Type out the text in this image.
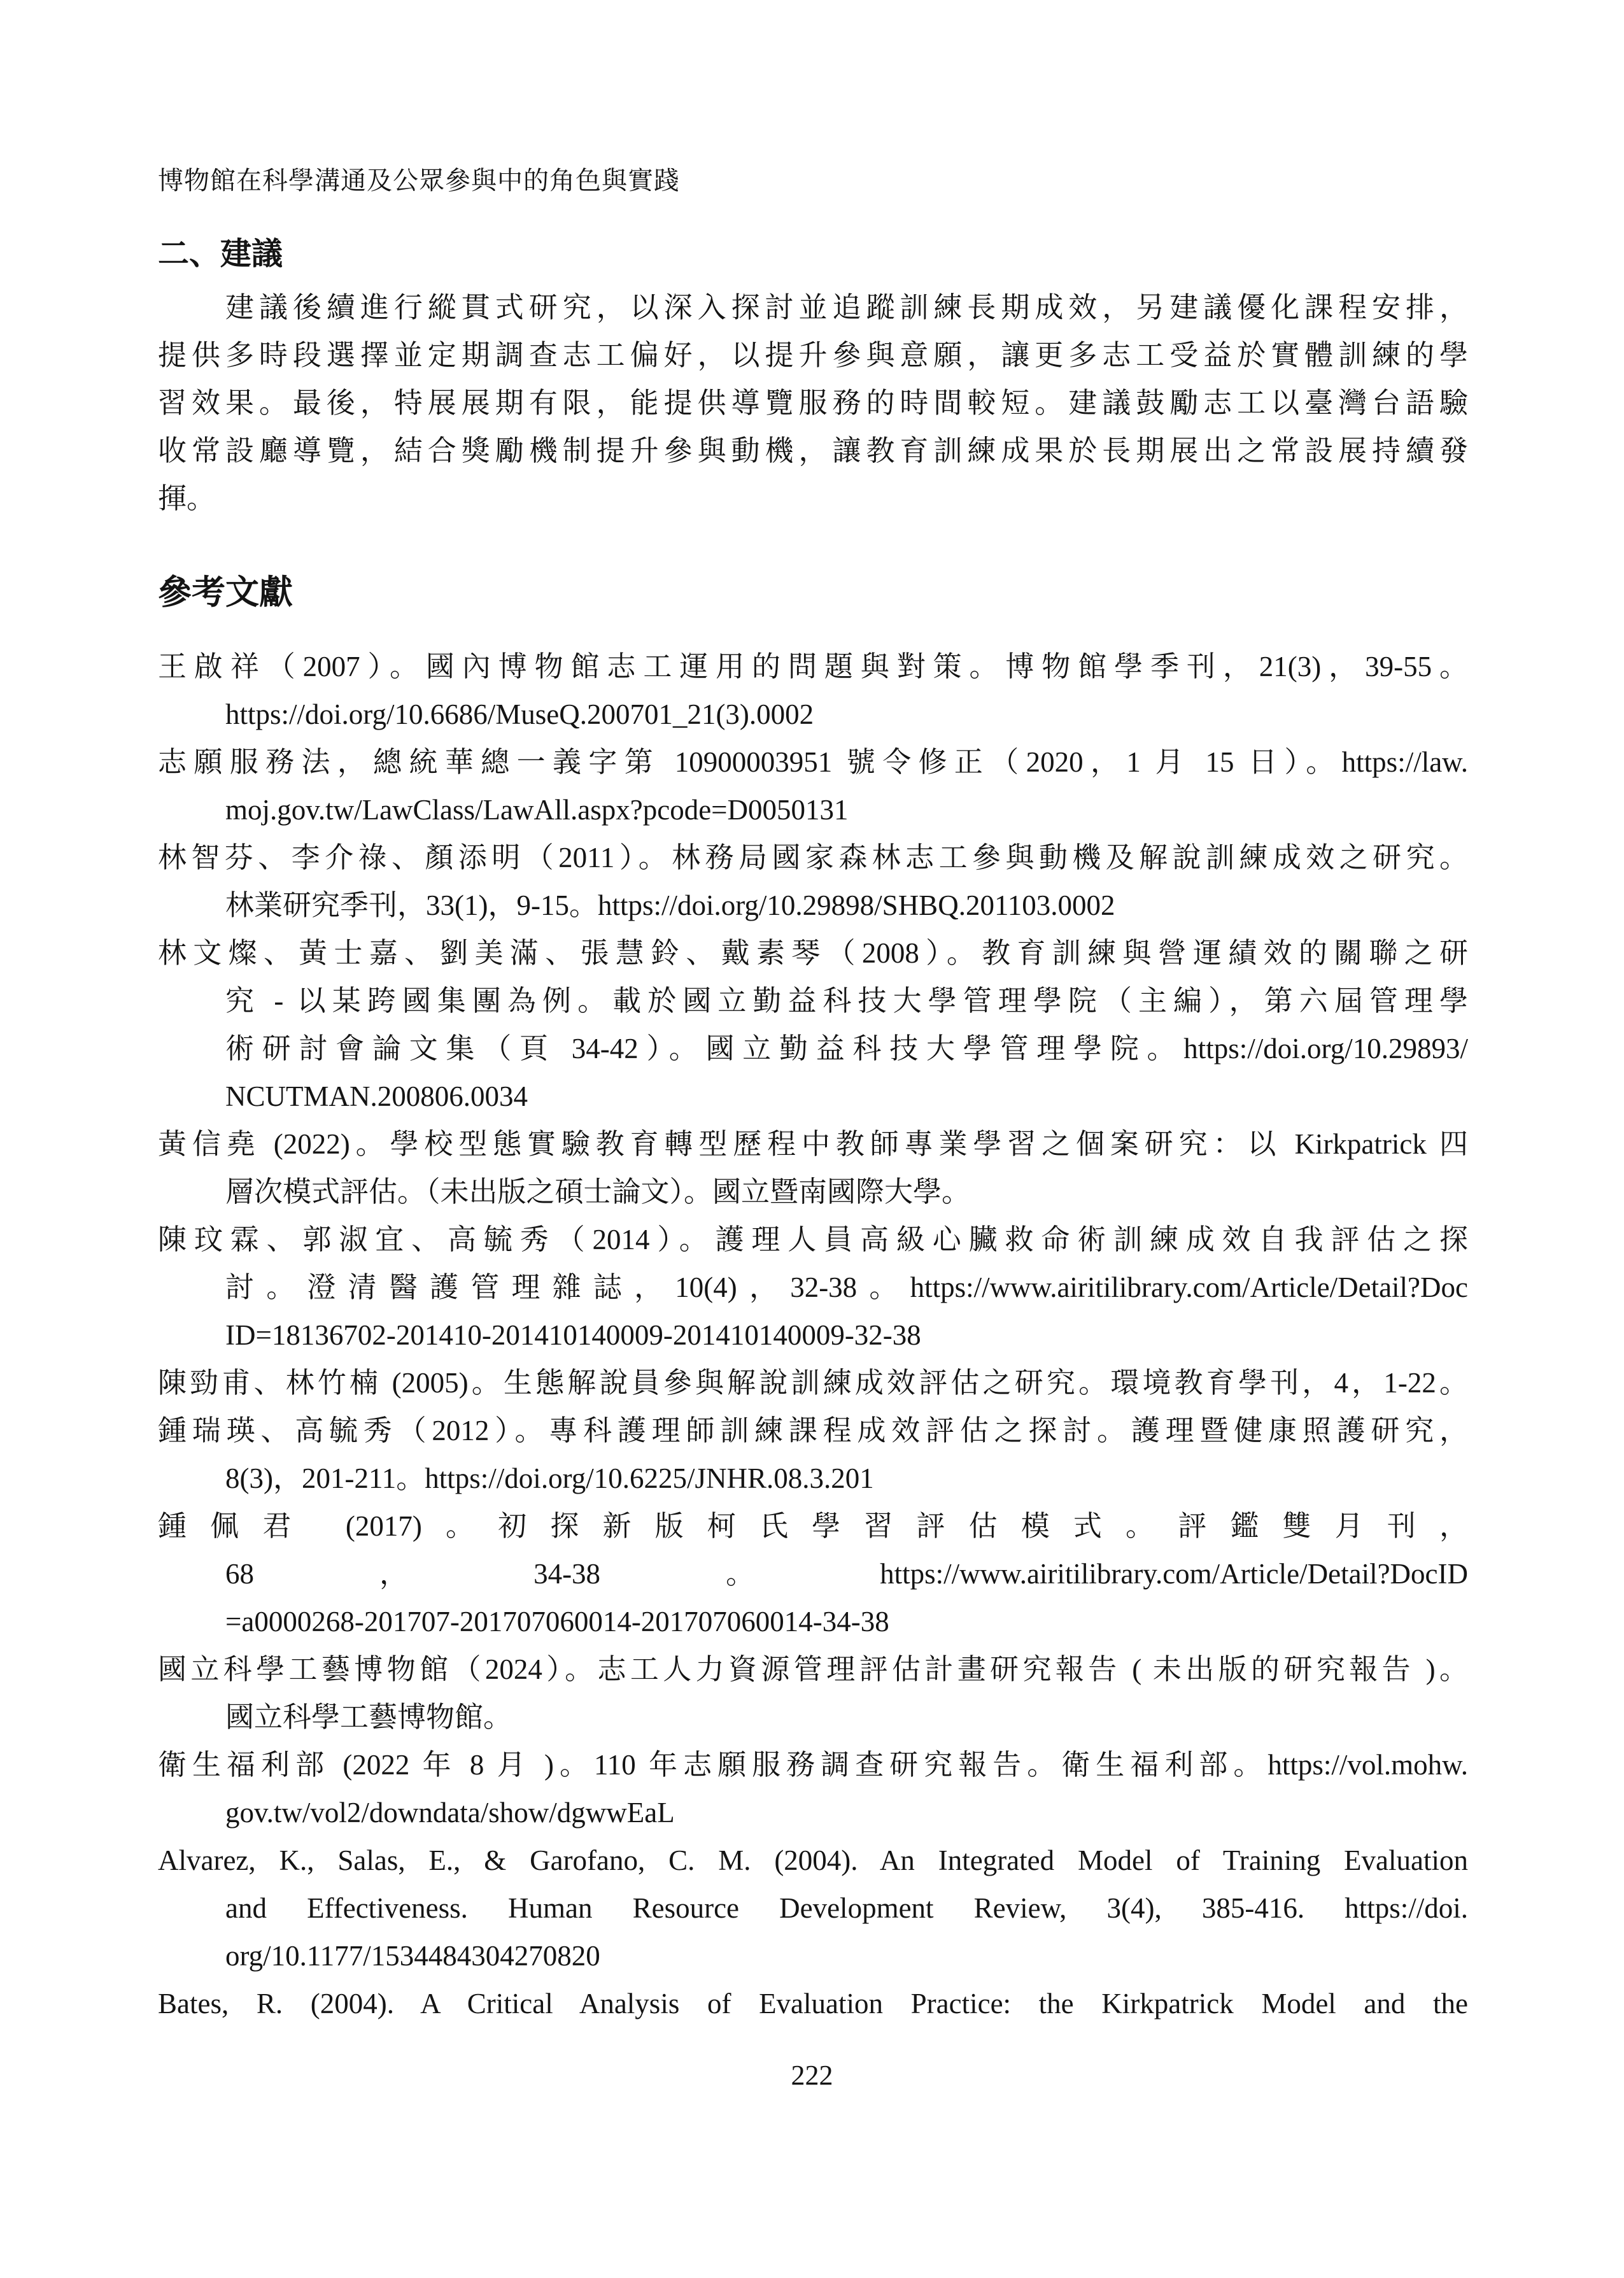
博物館在科學溝通及公眾參與中的角色與實踐
二、建議
建議後續進行縱貫式研究，以深入探討並追蹤訓練長期成效，另建議優化課程安排，
提供多時段選擇並定期調查志工偏好，以提升參與意願，讓更多志工受益於實體訓練的學
習效果。最後，特展展期有限，能提供導覽服務的時間較短。建議鼓勵志工以臺灣台語驗
收常設廳導覽，結合獎勵機制提升參與動機，讓教育訓練成果於長期展出之常設展持續發
揮。
參考文獻
王啟祥（2007）。國內博物館志工運用的問題與對策。博物館學季刊，21(3)，39-55。
https://doi.org/10.6686/MuseQ.200701_21(3).0002
志願服務法，總統華總一義字第 10900003951 號令修正（2020，1 月 15 日）。https://law.
moj.gov.tw/LawClass/LawAll.aspx?pcode=D0050131
林智芬、李介祿、顏添明（2011）。林務局國家森林志工參與動機及解說訓練成效之研究。
林業研究季刊，33(1)，9-15。https://doi.org/10.29898/SHBQ.201103.0002
林文燦、黃士嘉、劉美滿、張慧鈴、戴素琴（2008）。教育訓練與營運績效的關聯之研
究 - 以某跨國集團為例。載於國立勤益科技大學管理學院（主編），第六屆管理學
術研討會論文集（頁 34-42）。國立勤益科技大學管理學院。https://doi.org/10.29893/
NCUTMAN.200806.0034
黃信堯 (2022)。學校型態實驗教育轉型歷程中教師專業學習之個案研究：以 Kirkpatrick 四
層次模式評估。（未出版之碩士論文）。國立暨南國際大學。
陳玟霖、郭淑宜、高毓秀（2014）。護理人員高級心臟救命術訓練成效自我評估之探
討。澄清醫護管理雜誌，10(4)，32-38。https://www.airitilibrary.com/Article/Detail?Doc
ID=18136702-201410-201410140009-201410140009-32-38
陳勁甫、林竹楠 (2005)。生態解說員參與解說訓練成效評估之研究。環境教育學刊，4，1-22。
鍾瑞瑛、高毓秀（2012）。專科護理師訓練課程成效評估之探討。護理暨健康照護研究，
8(3)，201-211。https://doi.org/10.6225/JNHR.08.3.201
鍾佩君 (2017)。初探新版柯氏學習評估模式。評鑑雙月刊，
68，34-38。https://www.airitilibrary.com/Article/Detail?DocID
=a0000268-201707-201707060014-201707060014-34-38
國立科學工藝博物館（2024）。志工人力資源管理評估計畫研究報告 ( 未出版的研究報告 )。
國立科學工藝博物館。
衛生福利部 (2022 年 8 月 )。110 年志願服務調查研究報告。衛生福利部。https://vol.mohw.
gov.tw/vol2/downdata/show/dgwwEaL
Alvarez, K., Salas, E., & Garofano, C. M. (2004). An Integrated Model of Training Evaluation
and Effectiveness. Human Resource Development Review, 3(4), 385-416. https://doi.
org/10.1177/1534484304270820
Bates, R. (2004). A Critical Analysis of Evaluation Practice: the Kirkpatrick Model and the
222
